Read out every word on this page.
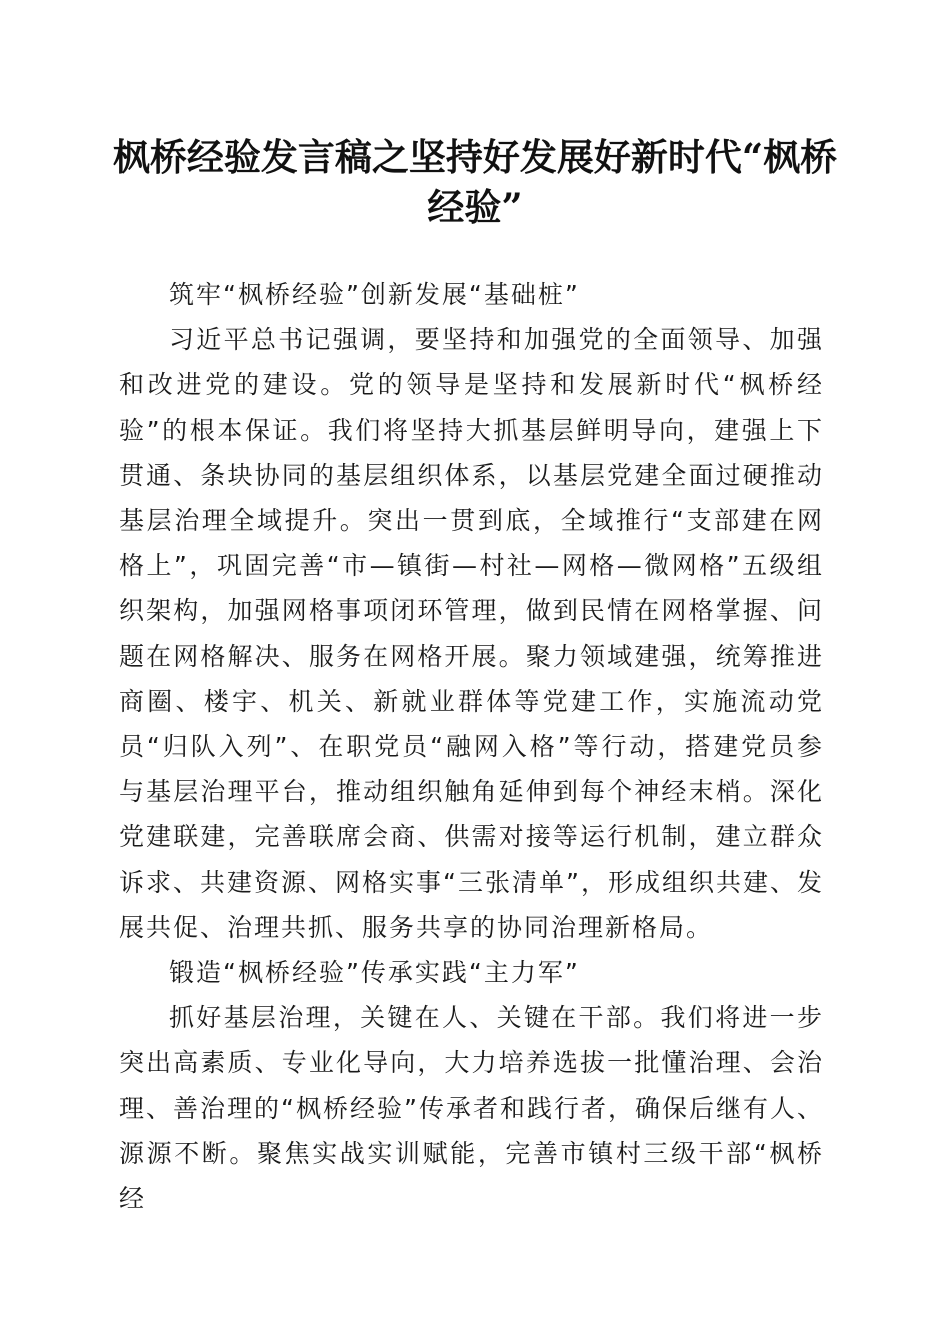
枫桥经验发言稿之坚持好发展好新时代“枫桥经验”

筑牢“枫桥经验”创新发展“基础桩”

习近平总书记强调，要坚持和加强党的全面领导、加强和改进党的建设。党的领导是坚持和发展新时代“枫桥经验”的根本保证。我们将坚持大抓基层鲜明导向，建强上下贯通、条块协同的基层组织体系，以基层党建全面过硬推动基层治理全域提升。突出一贯到底，全域推行“支部建在网格上”，巩固完善“市—镇街—村社—网格—微网格”五级组织架构，加强网格事项闭环管理，做到民情在网格掌握、问题在网格解决、服务在网格开展。聚力领域建强，统筹推进商圈、楼宇、机关、新就业群体等党建工作，实施流动党员“归队入列”、在职党员“融网入格”等行动，搭建党员参与基层治理平台，推动组织触角延伸到每个神经末梢。深化党建联建，完善联席会商、供需对接等运行机制，建立群众诉求、共建资源、网格实事“三张清单”，形成组织共建、发展共促、治理共抓、服务共享的协同治理新格局。

锻造“枫桥经验”传承实践“主力军”

抓好基层治理，关键在人、关键在干部。我们将进一步突出高素质、专业化导向，大力培养选拔一批懂治理、会治理、善治理的“枫桥经验”传承者和践行者，确保后继有人、源源不断。聚焦实战实训赋能，完善市镇村三级干部“枫桥经
